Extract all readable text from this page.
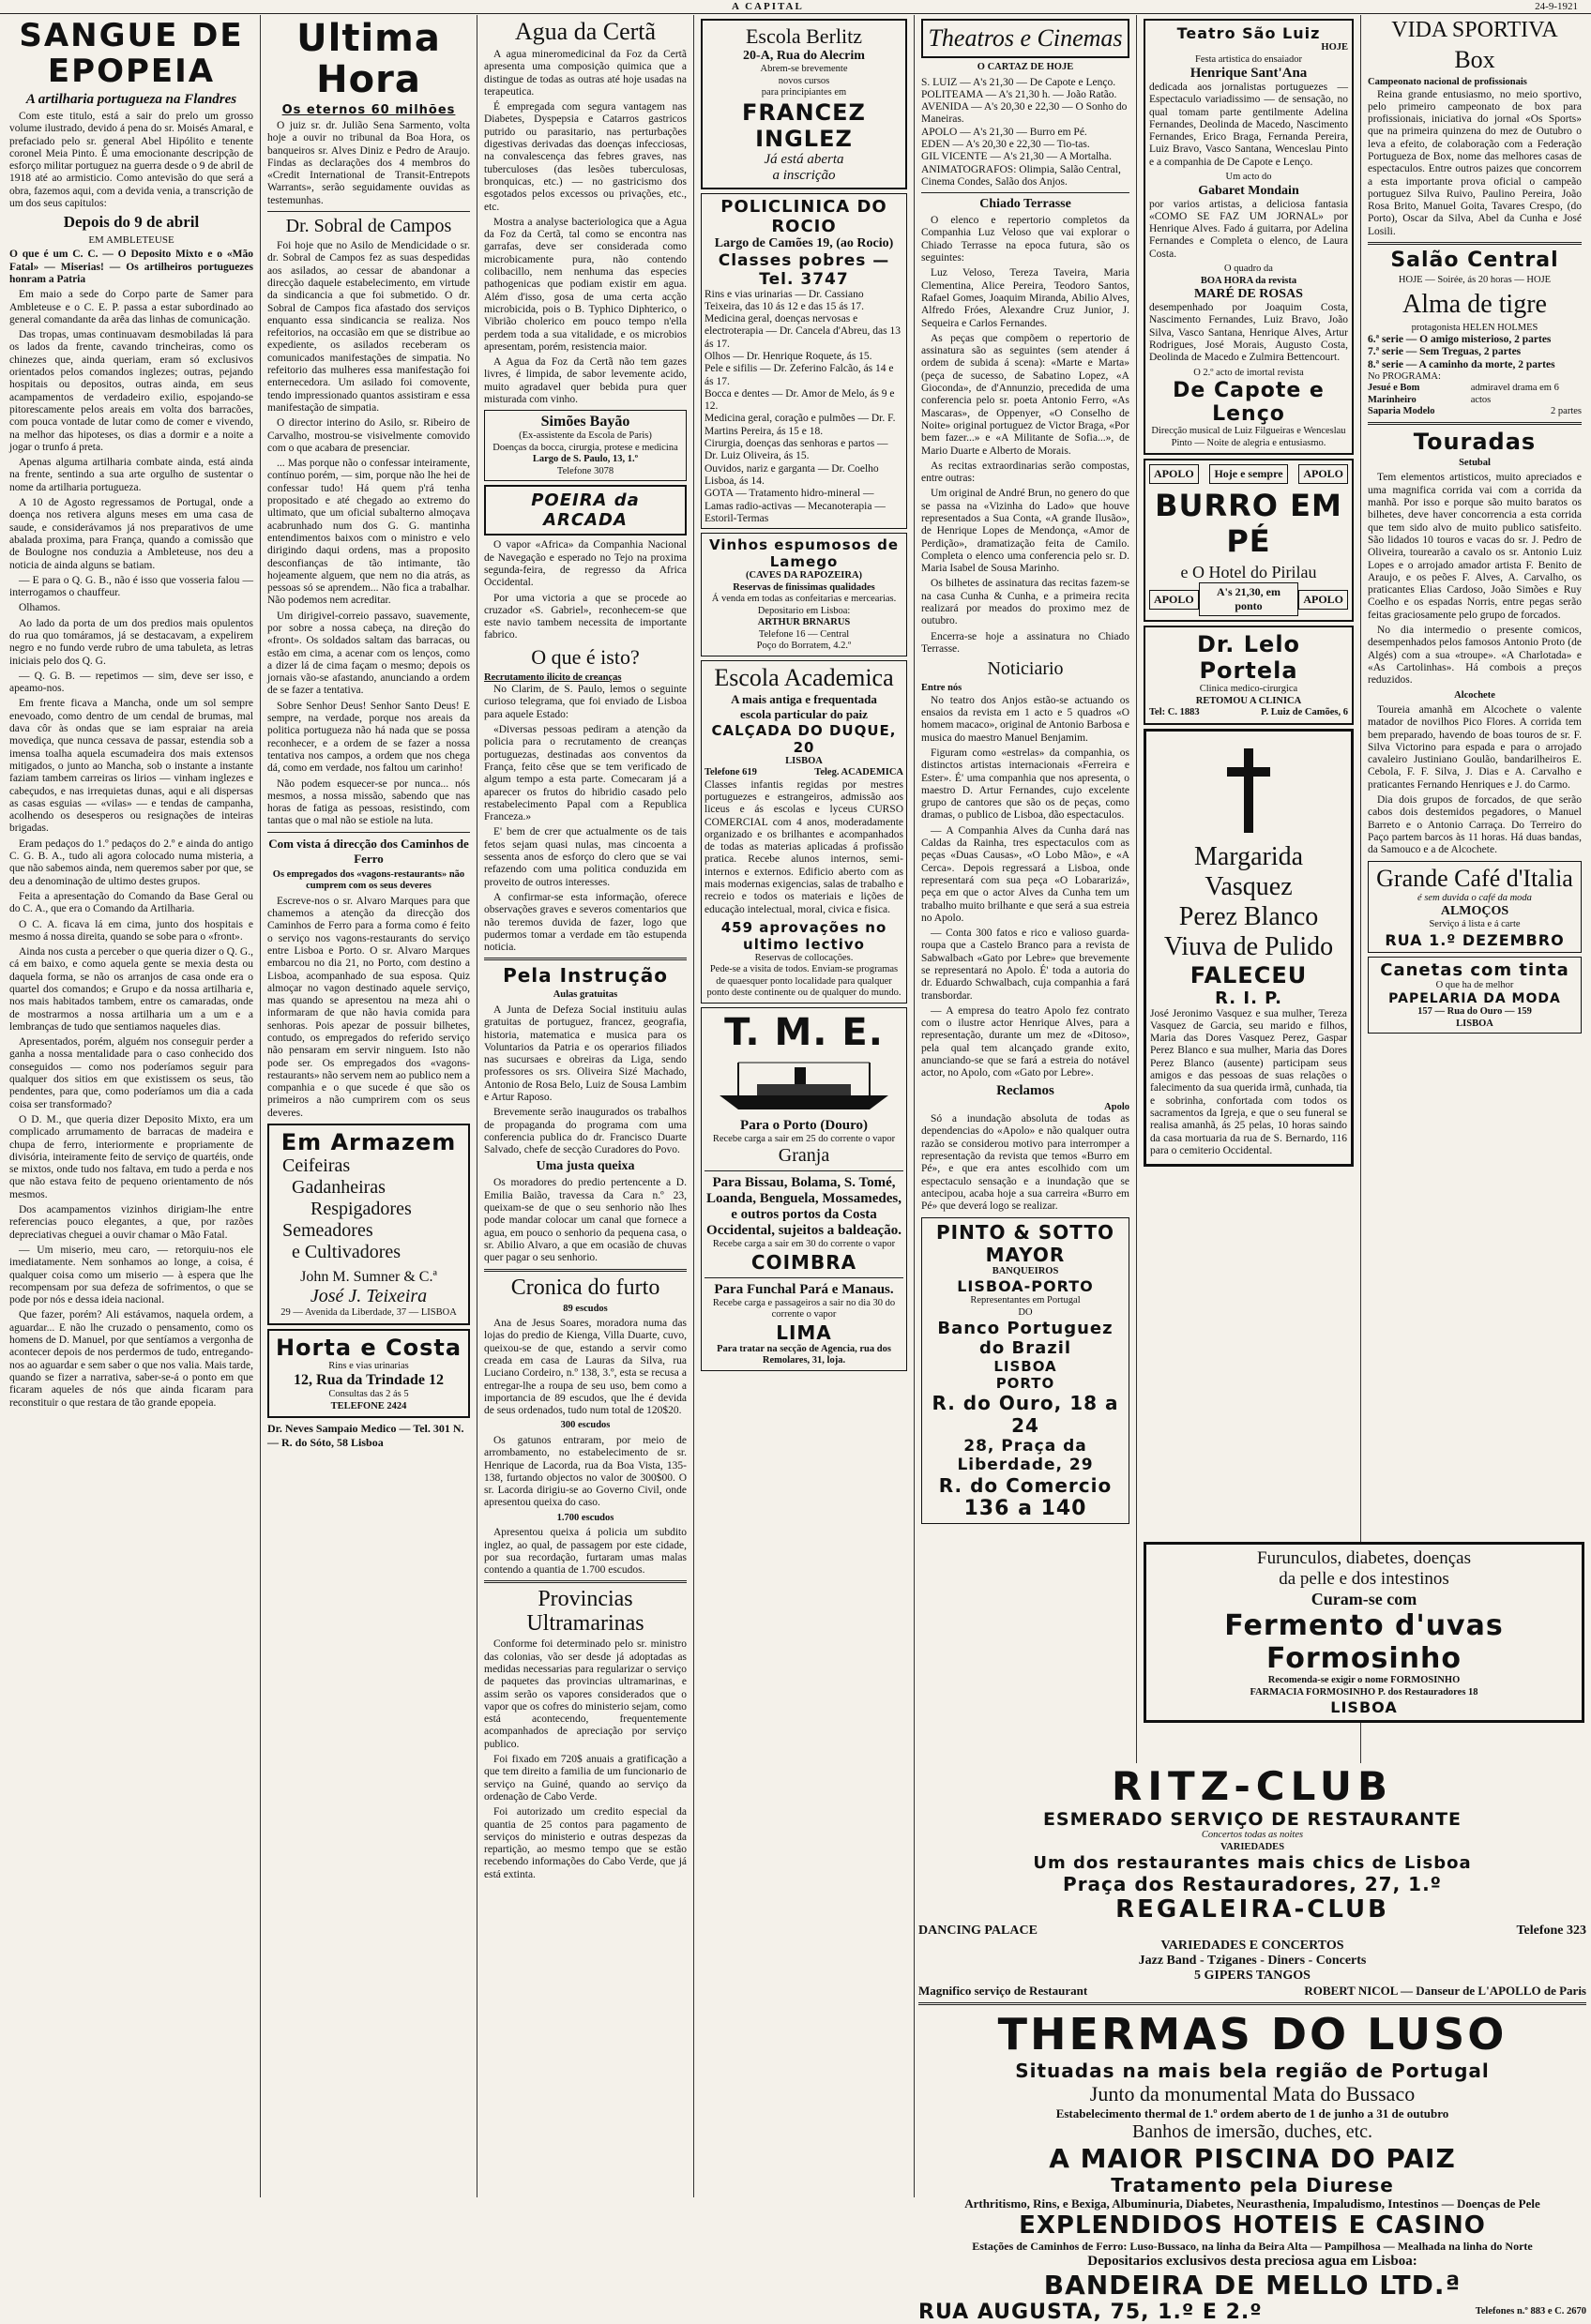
A CAPITAL	24-9-1921
SANGUE DE EPOPEIA
A artilharia portugueza na Flandres

Com este titulo, está a sair do prelo um grosso volume ilustrado, devido á pena do sr. Moisés Amaral, e prefaciado pelo sr. general Abel Hipólito e tenente coronel Meia Pinto. É uma emocionante descripção de esforço militar portuguez na guerra desde o 9 de abril de 1918 até ao armisticio. Como antevisão do que será a obra, fazemos aqui, com a devida venia, a transcrição de um dos seus capitulos:

Depois do 9 de abril
EM AMBLETEUSE

O que é um C. C. — O Deposito Mixto e o «Mão Fatal» — Miserias! — Os artilheiros portuguezes honram a Patria

Em maio a sede do Corpo parte de Samer para Ambleteuse e o C. E. P. passa a estar subordinado ao general comandante da arêa das linhas de comunicação.

Das tropas, umas continuavam desmobiladas lá para os lados da frente, cavando trincheiras, como os chinezes que, ainda queriam, eram só exclusivos orientados pelos comandos inglezes; outras, pejando hospitais ou depositos, outras ainda, em seus acampamentos de verdadeiro exilio, espojando-se pitorescamente pelos areais em volta dos barracões, com pouca vontade de lutar como de comer e vivendo, na melhor das hipoteses, os dias a dormir e a noite a jogar o trunfo á preta.

Apenas alguma artilharia combate ainda, está ainda na frente, sentindo a sua arte orgulho de sustentar o nome da artilharia portugueza.

A 10 de Agosto regressamos de Portugal, onde a doença nos retivera alguns meses em uma casa de saude, e considerávamos já nos preparativos de ume abalada proxima, para França, quando a comissão que de Boulogne nos conduzia a Ambleteuse, nos deu a noticia de ainda alguns se batiam.

— E para o Q. G. B., não é isso que vosseria falou — interrogamos o chauffeur.

Olhamos.

Ao lado da porta de um dos predios mais opulentos do rua quo tomáramos, já se destacavam, a expelirem negro e no fundo verde rubro de uma tabuleta, as letras iniciais pelo dos Q. G.

— Q. G. B. — repetimos — sim, deve ser isso, e apeamo-nos.

Em frente ficava a Mancha, onde um sol sempre enevoado, como dentro de um cendal de brumas, mal dava côr às ondas que se iam espraiar na areia movediça, que nunca cessava de passar, estendia sob a imensa toalha aquela escumadeira dos mais extensos mitigados, o junto ao Mancha, sob o instante a instante faziam tambem carreiras os lirios — vinham inglezes e cabeçudos, e nas irrequietas dunas, aqui e ali dispersas as casas esguias — «vilas» — e tendas de campanha, acolhendo os desesperos ou resignações de inteiras brigadas.

Eram pedaços do 1.º pedaços do 2.º e ainda do antigo C. G. B. A., tudo ali agora colocado numa misteria, a que não sabemos ainda, nem queremos saber por que, se deu a denominação de ultimo destes grupos.

Feita a apresentação do Comando da Base Geral ou do C. A., que era o Comando da Artilharia.

O C. A. ficava lá em cima, junto dos hospitais e mesmo á nossa direita, quando se sobe para o «front».

Ainda nos custa a perceber o que queria dizer o Q. G., cá em baixo, e como aquela gente se mexia desta ou daquela forma, se não os arranjos de casa onde era o quartel dos comandos; e Grupo e da nossa artilharia e, nos mais habitados tambem, entre os camaradas, onde de mostrarmos a nossa artilharia um a um e a lembranças de tudo que sentiamos naqueles dias.

Apresentados, porém, alguém nos conseguir perder a ganha a nossa mentalidade para o caso conhecido dos conseguidos — como nos poderíamos seguir para qualquer dos sitios em que existissem os seus, tão pendentes, para que, como poderíamos um dia a cada coisa ser transformado?

O D. M., que queria dizer Deposito Mixto, era um complicado arrumamento de barracas de madeira e chupa de ferro, interiormente e propriamente de divisória, inteiramente feito de serviço de quartéis, onde se mixtos, onde tudo nos faltava, em tudo a perda e nos que não estava feito de pequeno orientamento de nós mesmos.

Dos acampamentos vizinhos dirigiam-lhe entre referencias pouco elegantes, a que, por razões depreciativas cheguei a ouvir chamar o Mão Fatal.

— Um miserio, meu caro, — retorquiu-nos ele imediatamente. Nem sonhamos ao longe, a coisa, é qualquer coisa como um miserio — à espera que lhe recompensam por sua defeza de sofrimentos, o que se pode por nós e dessa ideia nacional.

Que fazer, porém? Ali estávamos, naquela ordem, a aguardar... E não lhe cruzado o pensamento, como os homens de D. Manuel, por que sentíamos a vergonha de acontecer depois de nos perdermos de tudo, entregando-nos ao aguardar e sem saber o que nos valia. Mais tarde, quando se fizer a narrativa, saber-se-á o ponto em que ficaram aqueles de nós que ainda ficaram para reconstituir o que restara de tão grande epopeia.

Ultima Hora
Os eternos 60 milhões

O juiz sr. dr. Julião Sena Sarmento, volta hoje a ouvir no tribunal da Boa Hora, os banqueiros sr. Alves Diniz e Pedro de Araujo. Findas as declarações dos 4 membros do «Credit International de Transit-Entrepots Warrants», serão seguidamente ouvidas as testemunhas.

Dr. Sobral de Campos

Foi hoje que no Asilo de Mendicidade o sr. dr. Sobral de Campos fez as suas despedidas aos asilados, ao cessar de abandonar a direcção daquele estabelecimento, em virtude da sindicancia a que foi submetido. O dr. Sobral de Campos fica afastado dos serviços enquanto essa sindicancia se realiza. Nos refeitorios, na occasião em que se distribue ao expediente, os asilados receberam os comunicados manifestações de simpatia. No refeitorio das mulheres essa manifestação foi enternecedora. Um asilado foi comovente, tendo impressionado quantos assistiram e essa manifestação de simpatia.

O director interino do Asilo, sr. Ribeiro de Carvalho, mostrou-se visivelmente comovido com o que acabara de presenciar.

... Mas porque não o confessar inteiramente, contínuo porém, — sim, porque não lhe hei de confessar tudo! Há quem p'rá tenha propositado e até chegado ao extremo do ultimato, que um oficial subalterno almoçava acabrunhado num dos G. G. mantinha entendimentos baixos com o ministro e velo dirigindo daqui ordens, mas a proposito desconfianças de tão intimante, tão hojeamente alguem, que nem no dia atrás, as pessoas só se aprendem... Não fica a trabalhar. Não podemos nem acreditar.

Um dirigivel-correio passavo, suavemente, por sobre a nossa cabeça, na direção do «front». Os soldados saltam das barracas, ou estão em cima, a acenar com os lenços, como a dizer lá de cima façam o mesmo; depois os jornais vão-se afastando, anunciando a ordem de se fazer a tentativa.

Sobre Senhor Deus! Senhor Santo Deus! E sempre, na verdade, porque nos areais da politica portugueza não há nada que se possa reconhecer, e a ordem de se fazer a nossa tentativa nos campos, a ordem que nos chega dá, como em verdade, nos faltou um carinho!

Não podem esquecer-se por nunca... nós mesmos, a nossa missão, sabendo que nas horas de fatiga as pessoas, resistindo, com tantas que o mal não se estiole na luta.

Com vista á direcção dos Caminhos de Ferro
Os empregados dos «vagons-restaurants» não cumprem com os seus deveres

Escreve-nos o sr. Alvaro Marques para que chamemos a atenção da direcção dos Caminhos de Ferro para a forma como é feito o serviço nos vagons-restaurants do serviço entre Lisboa e Porto. O sr. Alvaro Marques embarcou no dia 21, no Porto, com destino a Lisboa, acompanhado de sua esposa. Quiz almoçar no vagon destinado aquele serviço, mas quando se apresentou na meza ahi o informaram de que não havia comida para senhoras. Pois apezar de possuir bilhetes, contudo, os empregados do referido serviço não pensaram em servir ninguem. Isto não pode ser. Os empregados dos «vagons-restaurants» não servem nem ao publico nem a companhia e o que sucede é que são os primeiros a não cumprirem com os seus deveres.

Em Armazem
Ceifeiras
Gadanheiras
Respigadores
Semeadores
e Cultivadores
John M. Sumner & C.ª
José J. Teixeira
29 — Avenida da Liberdade, 37 — LISBOA
Horta e Costa
Rins e vias urinarias
12, Rua da Trindade 12
Consultas das 2 ás 5
TELEFONE 2424
Dr. Neves Sampaio Medico — Tel. 301 N. — R. do Sóto, 58 Lisboa
Agua da Certã

A agua mineromedicinal da Foz da Certã apresenta uma composição quimica que a distingue de todas as outras até hoje usadas na terapeutica.

É empregada com segura vantagem nas Diabetes, Dyspepsia e Catarros gastricos putrido ou parasitario, nas perturbações digestivas derivadas das doenças infecciosas, na convalescença das febres graves, nas tuberculoses (das lesões tuberculosas, bronquicas, etc.) — no gastricismo dos esgotados pelos excessos ou privações, etc., etc.

Mostra a analyse bacteriologica que a Agua da Foz da Certã, tal como se encontra nas garrafas, deve ser considerada como microbicamente pura, não contendo colibacillo, nem nenhuma das especies pathogenicas que podiam existir em agua. Além d'isso, gosa de uma certa acção microbicida, pois o B. Typhico Diphterico, o Vibrião cholerico em pouco tempo n'ella perdem toda a sua vitalidade, e os microbios apresentam, porém, resistencia maior.

A Agua da Foz da Certã não tem gazes livres, é limpida, de sabor levemente acido, muito agradavel quer bebida pura quer misturada com vinho.

Simões Bayão
(Ex-assistente da Escola de Paris)
Doenças da bocca, cirurgia, protese e medicina
Largo de S. Paulo, 13, 1.º
Telefone 3078
POEIRA da ARCADA

O vapor «Africa» da Companhia Nacional de Navegação e esperado no Tejo na proxima segunda-feira, de regresso da Africa Occidental.

Por uma victoria a que se procede ao cruzador «S. Gabriel», reconhecem-se que este navio tambem necessita de importante fabrico.

O que é isto?
Recrutamento ilicito de creanças

No Clarim, de S. Paulo, lemos o seguinte curioso telegrama, que foi enviado de Lisboa para aquele Estado:

«Diversas pessoas pediram a atenção da policia para o recrutamento de creanças portuguezas, destinadas aos conventos da França, feito cêse que se tem verificado de algum tempo a esta parte. Comecaram já a aparecer os frutos do hibridio casado pelo restabelecimento Papal com a Republica Franceza.»

E' bem de crer que actualmente os de tais fetos sejam quasi nulas, mas cincoenta a sessenta anos de esforço do clero que se vai refazendo com uma politica conduzida em proveito de outros interesses.

A confirmar-se esta informação, oferece observações graves e severos comentarios que não teremos duvida de fazer, logo que pudermos tomar a verdade em tão estupenda noticia.

Pela Instrução
Aulas gratuitas

A Junta de Defeza Social instituiu aulas gratuitas de portuguez, francez, geografia, historia, matematica e musica para os Voluntarios da Patria e os operarios filiados nas sucursaes e obreiras da Liga, sendo professores os srs. Oliveira Sizé Machado, Antonio de Rosa Belo, Luiz de Sousa Lambim e Artur Raposo.

Brevemente serão inaugurados os trabalhos de propaganda do programa com uma conferencia publica do dr. Francisco Duarte Salvado, chefe de secção Curadores do Povo.

Uma justa queixa

Os moradores do predio pertencente a D. Emilia Baião, travessa da Cara n.º 23, queixam-se de que o seu senhorio não lhes pode mandar colocar um canal que fornece a agua, em pouco o senhorio da pequena casa, o sr. Abilio Alvaro, a que em ocasião de chuvas quer pagar o seu senhorio.

Cronica do furto
89 escudos

Ana de Jesus Soares, moradora numa das lojas do predio de Kienga, Villa Duarte, cuvo, queixou-se de que, estando a servir como creada em casa de Lauras da Silva, rua Luciano Cordeiro, n.º 138, 3.º, esta se recusa a entregar-lhe a roupa de seu uso, bem como a importancia de 89 escudos, que lhe é devida de seus ordenados, tudo num total de 120$20.

300 escudos

Os gatunos entraram, por meio de arrombamento, no estabelecimento de sr. Henrique de Lacorda, rua da Boa Vista, 135-138, furtando objectos no valor de 300$00. O sr. Lacorda dirigiu-se ao Governo Civil, onde apresentou queixa do caso.

1.700 escudos

Apresentou queixa á policia um subdito inglez, ao qual, de passagem por este cidade, por sua recordação, furtaram umas malas contendo a quantia de 1.700 escudos.

Provincias Ultramarinas

Conforme foi determinado pelo sr. ministro das colonias, vão ser desde já adoptadas as medidas necessarias para regularizar o serviço de paquetes das provincias ultramarinas, e assim serão os vapores considerados que o vapor que os cofres do ministerio sejam, como está acontecendo, frequentemente acompanhados de apreciação por serviço publico.

Foi fixado em 720$ anuais a gratificação a que tem direito a familia de um funcionario de serviço na Guiné, quando ao serviço da ordenação de Cabo Verde.

Foi autorizado um credito especial da quantia de 25 contos para pagamento de serviços do ministerio e outras despezas da repartição, ao mesmo tempo que se estão recebendo informações do Cabo Verde, que já está extinta.

Escola Berlitz
20-A, Rua do Alecrim
Abrem-se brevemente
novos cursos
para principiantes em
FRANCEZ
INGLEZ
Já está aberta
a inscrição
POLICLINICA DO ROCIO
Largo de Camões 19, (ao Rocio)
Classes pobres — Tel. 3747
Rins e vias urinarias — Dr. Cassiano Teixeira, das 10 ás 12 e das 15 ás 17.
Medicina geral, doenças nervosas e electroterapia — Dr. Cancela d'Abreu, das 13 ás 17.
Olhos — Dr. Henrique Roquete, ás 15.
Pele e sifilis — Dr. Zeferino Falcão, ás 14 e ás 17.
Bocca e dentes — Dr. Amor de Melo, ás 9 e 12.
Medicina geral, coração e pulmões — Dr. F. Martins Pereira, ás 15 e 18.
Cirurgia, doenças das senhoras e partos — Dr. Luiz Oliveira, ás 15.
Ouvidos, nariz e garganta — Dr. Coelho Lisboa, ás 14.
GOTA — Tratamento hidro-mineral — Lamas radio-activas — Mecanoterapia — Estoril-Termas
Vinhos espumosos de Lamego
(CAVES DA RAPOZEIRA)
Reservas de finissimas qualidades
Á venda em todas as confeitarias e mercearias.
Depositario em Lisboa:
ARTHUR BRNARUS
Telefone 16 — Central
Poço do Borratem, 4.2.º
Escola Academica
A mais antiga e frequentada
escola particular do paiz
CALÇADA DO DUQUE, 20
LISBOA
Telefone 619	Teleg. ACADEMICA

Classes infantis regidas por mestres portuguezes e estrangeiros, admissão aos liceus e ás escolas e lyceus CURSO COMERCIAL com 4 anos, moderadamente organizado e os brilhantes e acompanhados de todas as materias aplicadas á profissão pratica. Recebe alunos internos, semi-internos e externos. Edificio aberto com as mais modernas exigencias, salas de trabalho e recreio e todos os materiais e lições de educação intelectual, moral, civica e fisica.

459 aprovações no ultimo lectivo
Reservas de collocações.
Pede-se a visita de todos. Enviam-se programas de quaesquer ponto localidade para qualquer ponto deste continente ou de qualquer do mundo.
T. M. E.
Para o Porto (Douro)
Recebe carga a sair em 25 do corrente o vapor
Granja
Para Bissau, Bolama, S. Tomé, Loanda, Benguela, Mossamedes, e outros portos da Costa Occidental, sujeitos a baldeação.
Recebe carga a sair em 30 do corrente o vapor
COIMBRA
Para Funchal Pará e Manaus.
Recebe carga e passageiros a sair no dia 30 do corrente o vapor
LIMA
Para tratar na secção de Agencia, rua dos Remolares, 31, loja.
Theatros e Cinemas
O CARTAZ DE HOJE
S. LUIZ — A's 21,30 — De Capote e Lenço.
POLITEAMA — A's 21,30 h. — João Ratão.
AVENIDA — A's 20,30 e 22,30 — O Sonho do Maneiras.
APOLO — A's 21,30 — Burro em Pé.
EDEN — A's 20,30 e 22,30 — Tio-tas.
GIL VICENTE — A's 21,30 — A Mortalha.
ANIMATOGRAFOS: Olimpia, Salão Central, Cinema Condes, Salão dos Anjos.
Chiado Terrasse

O elenco e repertorio completos da Companhia Luz Veloso que vai explorar o Chiado Terrasse na epoca futura, são os seguintes:

Luz Veloso, Tereza Taveira, Maria Clementina, Alice Pereira, Teodoro Santos, Rafael Gomes, Joaquim Miranda, Abilio Alves, Alfredo Fróes, Alexandre Cruz Junior, J. Sequeira e Carlos Fernandes.

As peças que compõem o repertorio de assinatura são as seguintes (sem atender á ordem de subida á scena): «Marte e Marta» (peça de sucesso, de Sabatino Lopez, «A Gioconda», de d'Annunzio, precedida de uma conferencia pelo sr. poeta Antonio Ferro, «As Mascaras», de Oppenyer, «O Conselho de Noite» original portuguez de Victor Braga, «Por bem fazer...» e «A Militante de Sofia...», de Mario Duarte e Alberto de Morais.

As recitas extraordinarias serão compostas, entre outras:

Um original de André Brun, no genero do que se passa na «Vizinha do Lado» que houve representados a Sua Conta, «A grande Ilusão», de Henrique Lopes de Mendonça, «Amor de Perdição», dramatização feita de Camilo. Completa o elenco uma conferencia pelo sr. D. Maria Isabel de Sousa Marinho.

Os bilhetes de assinatura das recitas fazem-se na casa Cunha & Cunha, e a primeira recita realizará por meados do proximo mez de outubro.

Encerra-se hoje a assinatura no Chiado Terrasse.

Noticiario
Entre nós

No teatro dos Anjos estão-se actuando os ensaios da revista em 1 acto e 5 quadros «O homem macaco», original de Antonio Barbosa e musica do maestro Manuel Benjamim.

Figuram como «estrelas» da companhia, os distinctos artistas internacionais «Ferreira e Ester». É' uma companhia que nos apresenta, o maestro D. Artur Fernandes, cujo excelente grupo de cantores que são os de peças, como dramas, o publico de Lisboa, dão espectaculos.

— A Companhia Alves da Cunha dará nas Caldas da Rainha, tres espectaculos com as peças «Duas Causas», «O Lobo Mão», e «A Cerca». Depois regressará a Lisboa, onde representará com sua peça «O Lobararizá», peça em que o actor Alves da Cunha tem um trabalho muito brilhante e que será a sua estreia no Apolo.

— Conta 300 fatos e rico e valioso guarda-roupa que a Castelo Branco para a revista de Sabwalbach «Gato por Lebre» que brevemente se representará no Apolo. É' toda a autoria do dr. Eduardo Schwalbach, cuja companhia a fará transbordar.

— A empresa do teatro Apolo fez contrato com o ilustre actor Henrique Alves, para a representação, durante um mez de «Ditoso», pela qual tem alcançado grande exito, anunciando-se que se fará a estreia do notável actor, no Apolo, com «Gato por Lebre».

Reclamos
Apolo

Só a inundação absoluta de todas as dependencias do «Apolo» e não qualquer outra razão se considerou motivo para interromper a representação da revista que temos «Burro em Pé», e que era antes escolhido com um espectaculo sensação e a inundação que se antecipou, acaba hoje a sua carreira «Burro em Pé» que deverá logo se realizar.

PINTO & SOTTO MAYOR
BANQUEIROS
LISBOA-PORTO
Representantes em Portugal
DO
Banco Portuguez do Brazil
LISBOA
PORTO
R. do Ouro, 18 a 24
28, Praça da Liberdade, 29
R. do Comercio
136 a 140
Teatro São Luiz
HOJE
Festa artistica do ensaiador
Henrique Sant'Ana

dedicada aos jornalistas portuguezes — Espectaculo variadissimo — de sensação, no qual tomam parte gentilmente Adelina Fernandes, Deolinda de Macedo, Nascimento Fernandes, Erico Braga, Fernanda Pereira, Luiz Bravo, Vasco Santana, Wenceslau Pinto e a companhia de De Capote e Lenço.

Um acto do
Gabaret Mondain

por varios artistas, a deliciosa fantasia «COMO SE FAZ UM JORNAL» por Henrique Alves. Fado á guitarra, por Adelina Fernandes e Completa o elenco, de Laura Costa.

O quadro da
BOA HORA da revista
MARÉ DE ROSAS

desempenhado por Joaquim Costa, Nascimento Fernandes, Luiz Bravo, João Silva, Vasco Santana, Henrique Alves, Artur Rodrigues, José Morais, Augusto Costa, Deolinda de Macedo e Zulmira Bettencourt.

O 2.º acto de imortal revista
De Capote e Lenço
Direcção musical de Luiz Filgueiras e Wenceslau Pinto — Noite de alegria e entusiasmo.
APOLO	Hoje e sempre	APOLO
BURRO EM PÉ
e O Hotel do Pirilau
APOLO
A's 21,30, em ponto
APOLO
Dr. Lelo Portela
Clinica medico-cirurgica
RETOMOU A CLINICA
Tel: C. 1883	P. Luiz de Camões, 6
Margarida Vasquez
Perez Blanco
Viuva de Pulido
FALECEU
R. I. P.

José Jeronimo Vasquez e sua mulher, Tereza Vasquez de Garcia, seu marido e filhos, Maria das Dores Vasquez Perez, Gaspar Perez Blanco e sua mulher, Maria das Dores Perez Blanco (ausente) participam seus amigos e das pessoas de suas relações o falecimento da sua querida irmã, cunhada, tia e sobrinha, confortada com todos os sacramentos da Igreja, e que o seu funeral se realisa amanhã, ás 25 pelas, 10 horas saindo da casa mortuaria da rua de S. Bernardo, 116 para o cemiterio Occidental.

VIDA SPORTIVA
Box
Campeonato nacional de profissionais

Reina grande entusiasmo, no meio sportivo, pelo primeiro campeonato de box para profissionais, iniciativa do jornal «Os Sports» que na primeira quinzena do mez de Outubro o leva a efeito, de colaboração com a Federação Portugueza de Box, nome das melhores casas de espectaculos. Entre outros paizes que concorrem a esta importante prova oficial o campeão portuguez Silva Ruivo, Paulino Pereira, João Rosa Brito, Manuel Goita, Tavares Crespo, (do Porto), Oscar da Silva, Abel da Cunha e José Losili.

Salão Central
HOJE — Soirée, ás 20 horas — HOJE
Alma de tigre
protagonista HELEN HOLMES
6.ª serie — O amigo misterioso, 2 partes
7.ª serie — Sem Treguas, 2 partes
8.ª serie — A caminho da morte, 2 partes
No PROGRAMA:
Jesué e Bom Marinheiro
admiravel drama em 6 actos
Saparia Modelo	2 partes
Touradas
Setubal

Tem elementos artisticos, muito apreciados e uma magnifica corrida vai com a corrida da manhã. Por isso e porque são muito baratos os bilhetes, deve haver concorrencia a esta corrida que tem sido alvo de muito publico satisfeito. São lidados 10 touros e vacas do sr. J. Pedro de Oliveira, tourearão a cavalo os sr. Antonio Luiz Lopes e o arrojado amador artista F. Benito de Araujo, e os peões F. Alves, A. Carvalho, os praticantes Elias Cardoso, João Simões e Ruy Coelho e os espadas Norris, entre pegas serão feitas graciosamente pelo grupo de forcados.

No dia intermedio o presente comicos, desempenhados pelos famosos Antonio Proto (de Algés) com a sua «troupe». «A Charlotada» e «As Cartolinhas». Há combois a preços reduzidos.

Alcochete

Toureia amanhã em Alcochete o valente matador de novilhos Pico Flores. A corrida tem bem preparado, havendo de boas touros de sr. F. Silva Victorino para espada e para o arrojado cavaleiro Justiniano Goulão, bandarilheiros E. Cebola, F. F. Silva, J. Dias e A. Carvalho e praticantes Fernando Henriques e J. do Carmo.

Dia dois grupos de forcados, de que serão cabos dois destemidos pegadores, o Manuel Barreto e o Antonio Carraça. Do Terreiro do Paço partem barcos às 11 horas. Há duas bandas, da Samouco e a de Alcochete.

Grande Café d'Italia
é sem duvida o café da moda
ALMOÇOS
Serviço á lista e á carte
RUA 1.º DEZEMBRO
Canetas com tinta
O que ha de melhor
PAPELARIA DA MODA
157 — Rua do Ouro — 159
LISBOA
Furunculos, diabetes, doenças
da pelle e dos intestinos
Curam-se com
Fermento d'uvas Formosinho
Recomenda-se exigir o nome FORMOSINHO
FARMACIA FORMOSINHO P. dos Restauradores 18
LISBOA
RITZ-CLUB
ESMERADO SERVIÇO DE RESTAURANTE
Concertos todas as noites
VARIEDADES
Um dos restaurantes mais chics de Lisboa
Praça dos Restauradores, 27, 1.º
REGALEIRA-CLUB
DANCING PALACE	Telefone 323
VARIEDADES E CONCERTOS
Jazz Band - Tziganes - Diners - Concerts
5 GIPERS TANGOS
Magnifico serviço de Restaurant	ROBERT NICOL — Danseur de L'APOLLO de Paris
THERMAS DO LUSO
Situadas na mais bela região de Portugal
Junto da monumental Mata do Bussaco
Estabelecimento thermal de 1.º ordem aberto de 1 de junho a 31 de outubro
Banhos de imersão, duches, etc.
A MAIOR PISCINA DO PAIZ
Tratamento pela Diurese
Arthritismo, Rins, e Bexiga, Albuminuria, Diabetes, Neurasthenia, Impaludismo, Intestinos — Doenças de Pele
EXPLENDIDOS HOTEIS E CASINO
Estações de Caminhos de Ferro: Luso-Bussaco, na linha da Beira Alta — Pampilhosa — Mealhada na linha do Norte
Depositarios exclusivos desta preciosa agua em Lisboa:
BANDEIRA DE MELLO LTD.ª
RUA AUGUSTA, 75, 1.º E 2.º	Telefones n.º 883 e C. 2670
